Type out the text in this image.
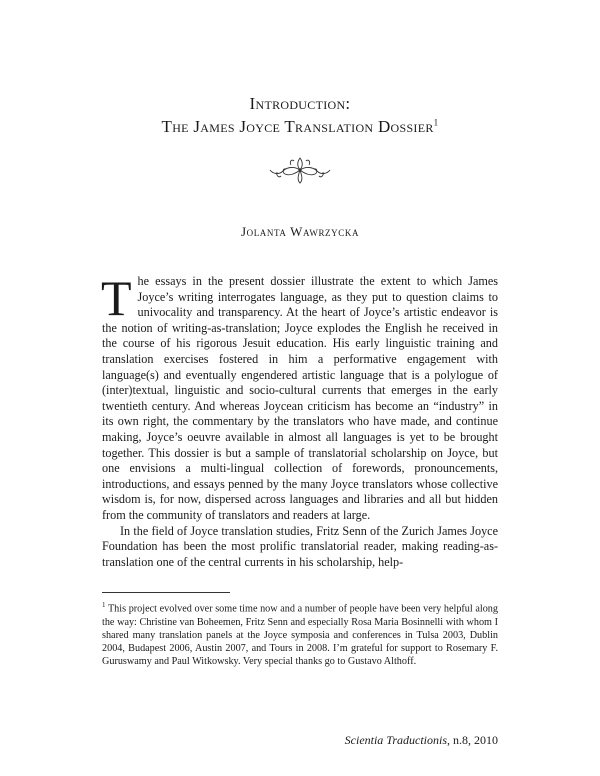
Introduction:
The James Joyce Translation Dossier$^1$
Jolanta Wawrzycka

The essays in the present dossier illustrate the extent to which James Joyce’s writing interrogates language, as they put to question claims to univocality and transparency. At the heart of Joyce’s artistic endeavor is the notion of writing-as-translation; Joyce explodes the English he received in the course of his rigorous Jesuit education. His early linguistic training and translation exercises fostered in him a performative engagement with language(s) and eventually engendered artistic language that is a polylogue of (inter)textual, linguistic and socio-cultural currents that emerges in the early twentieth century. And whereas Joycean criticism has become an “industry” in its own right, the commentary by the translators who have made, and continue making, Joyce’s oeuvre available in almost all languages is yet to be brought together. This dossier is but a sample of translatorial scholarship on Joyce, but one envisions a multi-lingual collection of forewords, pronouncements, introductions, and essays penned by the many Joyce translators whose collective wisdom is, for now, dispersed across languages and libraries and all but hidden from the community of translators and readers at large.

In the field of Joyce translation studies, Fritz Senn of the Zurich James Joyce Foundation has been the most prolific translatorial reader, making reading-as-translation one of the central currents in his scholarship, help-

$^1$ This project evolved over some time now and a number of people have been very helpful along the way: Christine van Boheemen, Fritz Senn and especially Rosa Maria Bosinnelli with whom I shared many translation panels at the Joyce symposia and conferences in Tulsa 2003, Dublin 2004, Budapest 2006, Austin 2007, and Tours in 2008. I’m grateful for support to Rosemary F. Guruswamy and Paul Witkowsky. Very special thanks go to Gustavo Althoff.
Scientia Traductionis, n.8, 2010
